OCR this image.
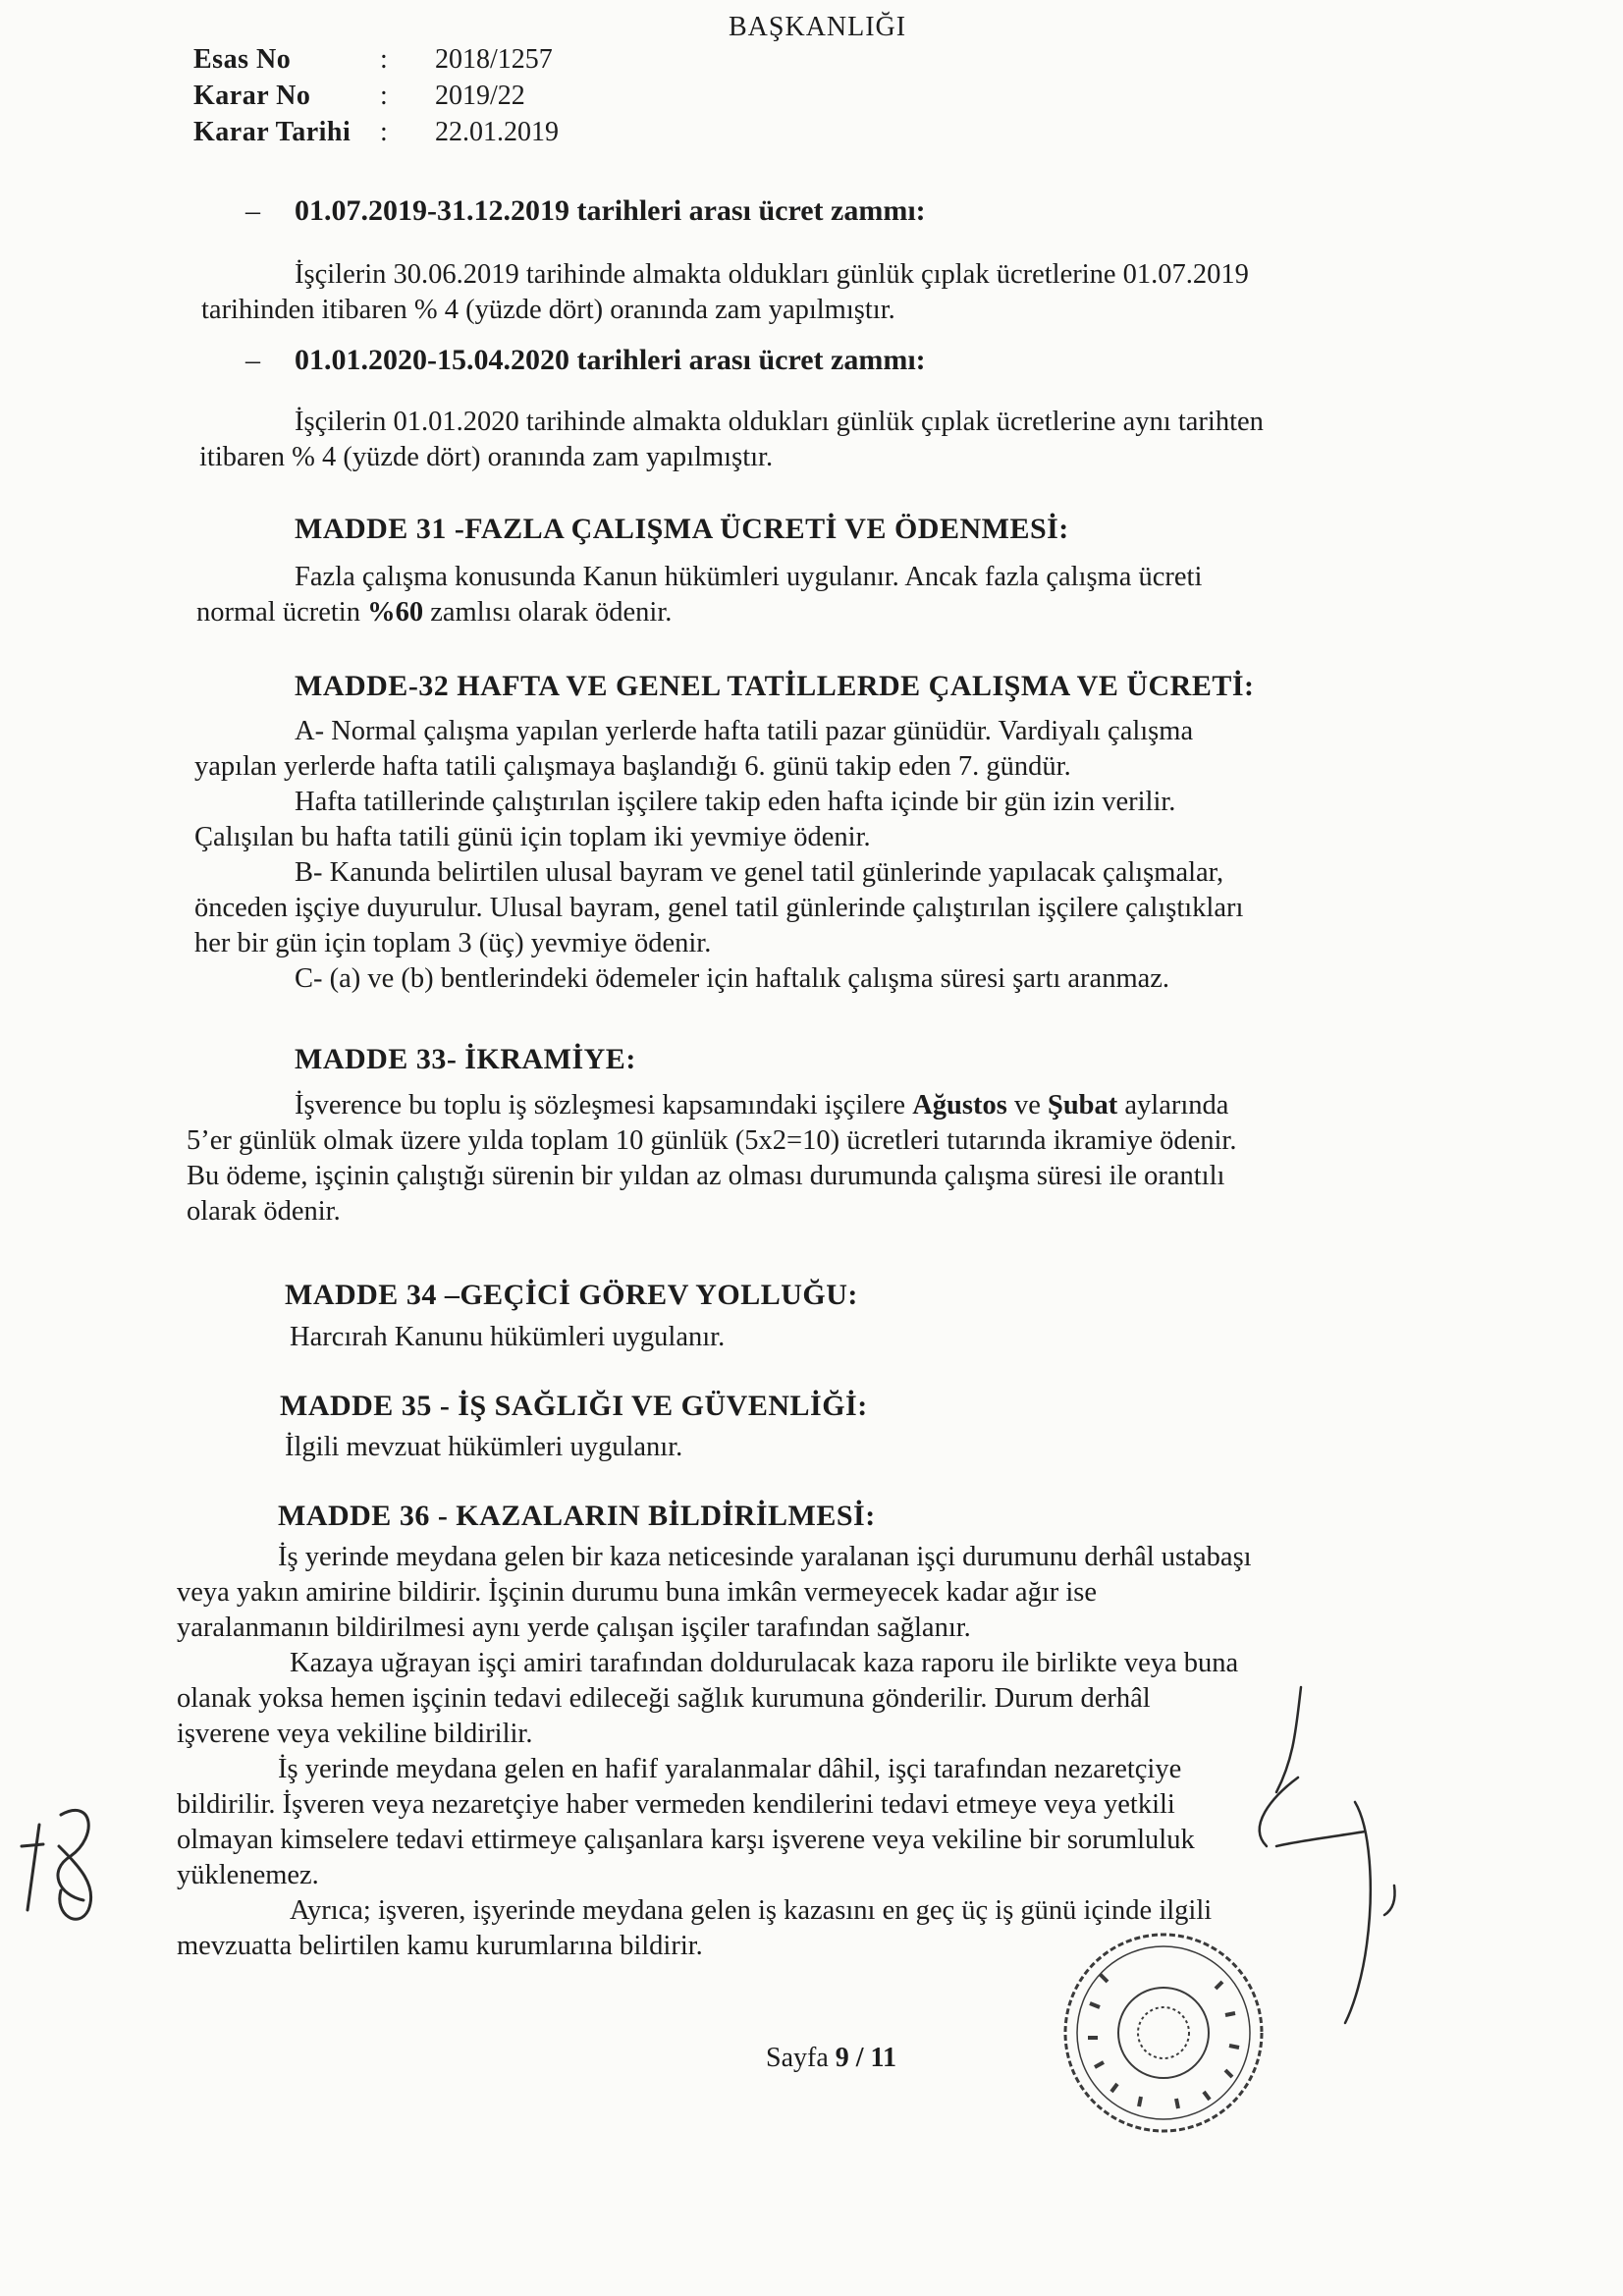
BAŞKANLIĞI
Esas No	:	2018/1257
Karar No	:	2019/22
Karar Tarihi	:	22.01.2019
– 01.07.2019-31.12.2019 tarihleri arası ücret zammı:
İşçilerin 30.06.2019 tarihinde almakta oldukları günlük çıplak ücretlerine 01.07.2019
tarihinden itibaren % 4 (yüzde dört) oranında zam yapılmıştır.
– 01.01.2020-15.04.2020 tarihleri arası ücret zammı:
İşçilerin 01.01.2020 tarihinde almakta oldukları günlük çıplak ücretlerine aynı tarihten
itibaren % 4 (yüzde dört) oranında zam yapılmıştır.
MADDE 31 -FAZLA ÇALIŞMA ÜCRETİ VE ÖDENMESİ:
Fazla çalışma konusunda Kanun hükümleri uygulanır. Ancak fazla çalışma ücreti
normal ücretin %60 zamlısı olarak ödenir.
MADDE-32 HAFTA VE GENEL TATİLLERDE ÇALIŞMA VE ÜCRETİ:
A- Normal çalışma yapılan yerlerde hafta tatili pazar günüdür. Vardiyalı çalışma
yapılan yerlerde hafta tatili çalışmaya başlandığı 6. günü takip eden 7. gündür.
Hafta tatillerinde çalıştırılan işçilere takip eden hafta içinde bir gün izin verilir.
Çalışılan bu hafta tatili günü için toplam iki yevmiye ödenir.
B- Kanunda belirtilen ulusal bayram ve genel tatil günlerinde yapılacak çalışmalar,
önceden işçiye duyurulur. Ulusal bayram, genel tatil günlerinde çalıştırılan işçilere çalıştıkları
her bir gün için toplam 3 (üç) yevmiye ödenir.
C- (a) ve (b) bentlerindeki ödemeler için haftalık çalışma süresi şartı aranmaz.
MADDE 33- İKRAMİYE:
İşverence bu toplu iş sözleşmesi kapsamındaki işçilere Ağustos ve Şubat aylarında
5’er günlük olmak üzere yılda toplam 10 günlük (5x2=10) ücretleri tutarında ikramiye ödenir.
Bu ödeme, işçinin çalıştığı sürenin bir yıldan az olması durumunda çalışma süresi ile orantılı
olarak ödenir.
MADDE 34 –GEÇİCİ GÖREV YOLLUĞU:
Harcırah Kanunu hükümleri uygulanır.
MADDE 35 - İŞ SAĞLIĞI VE GÜVENLİĞİ:
İlgili mevzuat hükümleri uygulanır.
MADDE 36 - KAZALARIN BİLDİRİLMESİ:
İş yerinde meydana gelen bir kaza neticesinde yaralanan işçi durumunu derhâl ustabaşı
veya yakın amirine bildirir. İşçinin durumu buna imkân vermeyecek kadar ağır ise
yaralanmanın bildirilmesi aynı yerde çalışan işçiler tarafından sağlanır.
Kazaya uğrayan işçi amiri tarafından doldurulacak kaza raporu ile birlikte veya buna
olanak yoksa hemen işçinin tedavi edileceği sağlık kurumuna gönderilir. Durum derhâl
işverene veya vekiline bildirilir.
İş yerinde meydana gelen en hafif yaralanmalar dâhil, işçi tarafından nezaretçiye
bildirilir. İşveren veya nezaretçiye haber vermeden kendilerini tedavi etmeye veya yetkili
olmayan kimselere tedavi ettirmeye çalışanlara karşı işverene veya vekiline bir sorumluluk
yüklenemez.
Ayrıca; işveren, işyerinde meydana gelen iş kazasını en geç üç iş günü içinde ilgili
mevzuatta belirtilen kamu kurumlarına bildirir.
Sayfa 9 / 11
